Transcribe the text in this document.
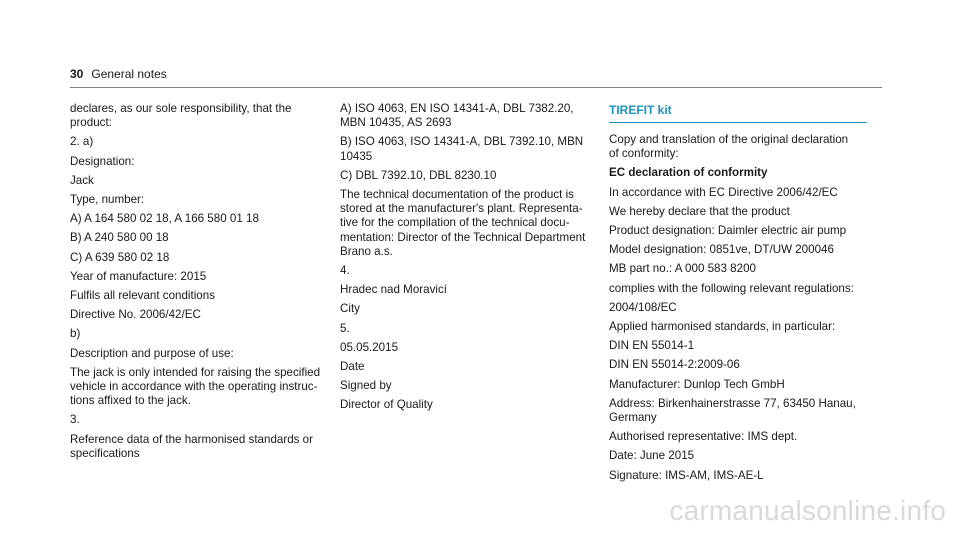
30 General notes

declares, as our sole responsibility, that the
product:

2. a)

Designation:

Jack

Type, number:

A) A 164 580 02 18, A 166 580 01 18

B) A 240 580 00 18

C) A 639 580 02 18

Year of manufacture: 2015

Fulfils all relevant conditions

Directive No. 2006/42/EC

b)

Description and purpose of use:

The jack is only intended for raising the specified
vehicle in accordance with the operating instruc-
tions affixed to the jack.

3.

Reference data of the harmonised standards or
specifications

A) ISO 4063, EN ISO 14341-A, DBL 7382.20,
MBN 10435, AS 2693

B) ISO 4063, ISO 14341-A, DBL 7392.10, MBN
10435

C) DBL 7392.10, DBL 8230.10

The technical documentation of the product is
stored at the manufacturer's plant. Representa-
tive for the compilation of the technical docu-
mentation: Director of the Technical Department
Brano a.s.

4.

Hradec nad Moravicí

City

5.

05.05.2015

Date

Signed by

Director of Quality

TIREFIT kit

Copy and translation of the original declaration
of conformity:

EC declaration of conformity

In accordance with EC Directive 2006/42/EC

We hereby declare that the product

Product designation: Daimler electric air pump

Model designation: 0851ve, DT/UW 200046

MB part no.: A 000 583 8200

complies with the following relevant regulations:

2004/108/EC

Applied harmonised standards, in particular:

DIN EN 55014-1

DIN EN 55014-2:2009-06

Manufacturer: Dunlop Tech GmbH

Address: Birkenhainerstrasse 77, 63450 Hanau,
Germany

Authorised representative: IMS dept.

Date: June 2015

Signature: IMS-AM, IMS-AE-L

carmanualsonline.info
